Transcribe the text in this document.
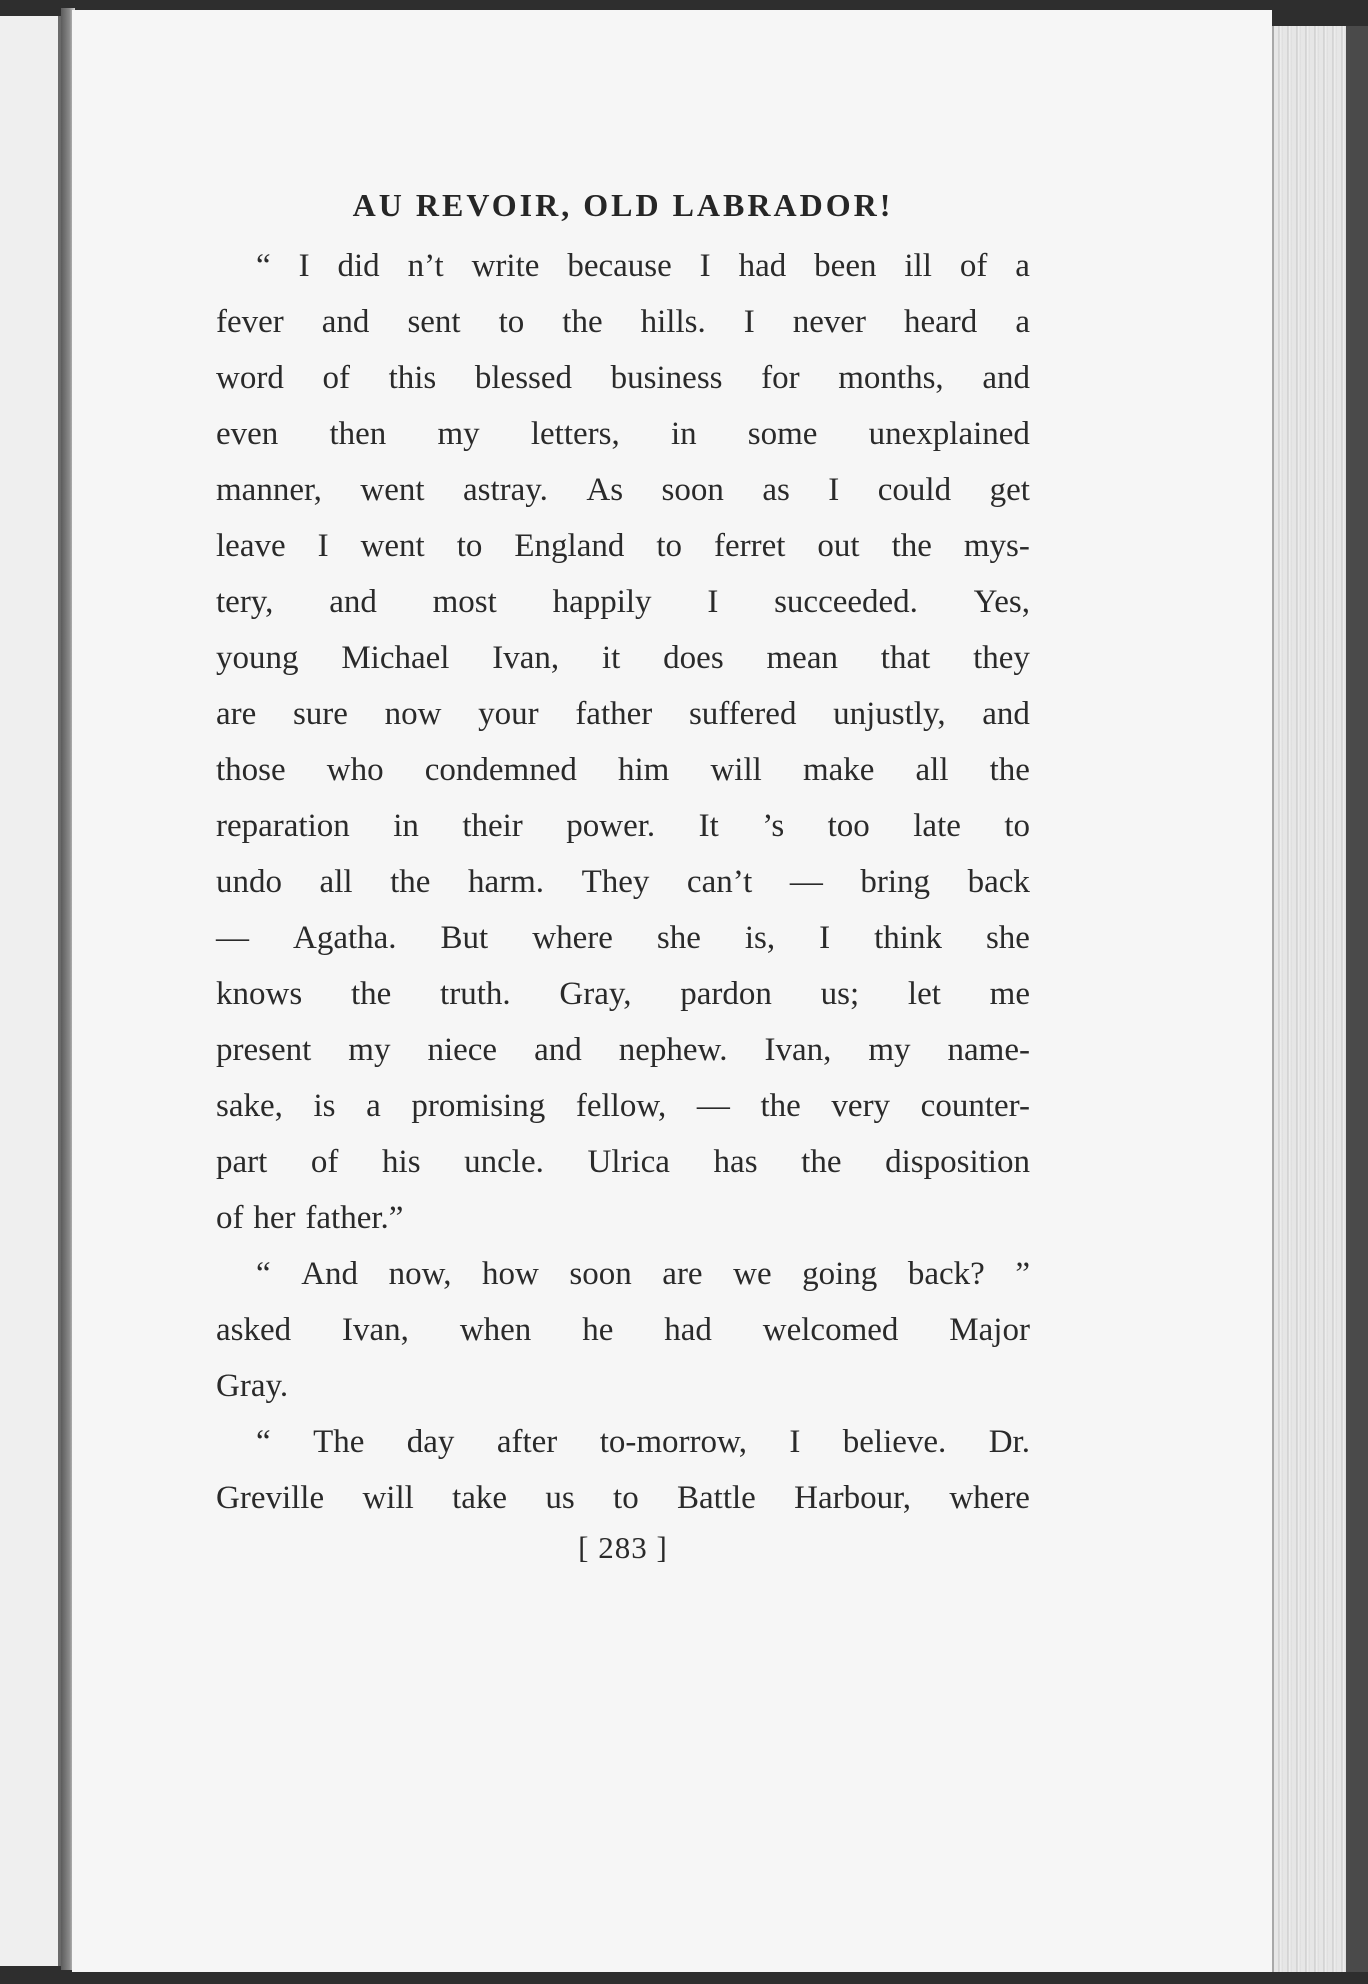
AU REVOIR, OLD LABRADOR!
“ I did n’t write because I had been ill of a
fever and sent to the hills. I never heard a
word of this blessed business for months, and
even then my letters, in some unexplained
manner, went astray. As soon as I could get
leave I went to England to ferret out the mys-
tery, and most happily I succeeded. Yes,
young Michael Ivan, it does mean that they
are sure now your father suffered unjustly, and
those who condemned him will make all the
reparation in their power. It ’s too late to
undo all the harm. They can’t — bring back
— Agatha. But where she is, I think she
knows the truth. Gray, pardon us; let me
present my niece and nephew. Ivan, my name-
sake, is a promising fellow, — the very counter-
part of his uncle. Ulrica has the disposition
of her father.”
“ And now, how soon are we going back? ”
asked Ivan, when he had welcomed Major
Gray.
“ The day after to-morrow, I believe. Dr.
Greville will take us to Battle Harbour, where
[ 283 ]
